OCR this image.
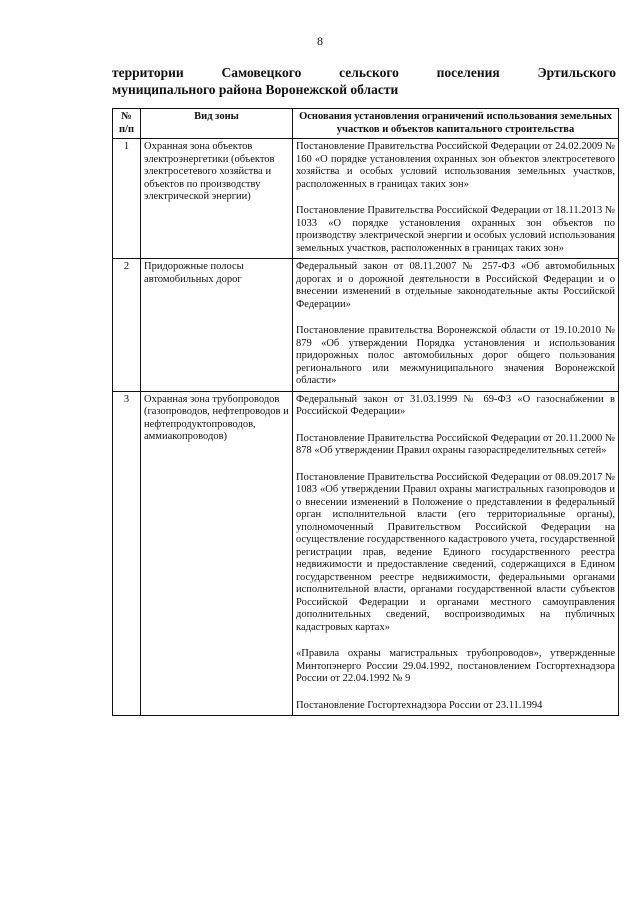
8
территории	Самовецкого	сельского	поселения	Эртильского
муниципального района Воронежской области
№ п/п	Вид зоны	Основания установления ограничений использования земельных участков и объектов капитального строительства
1	Охранная зона объектов электроэнергетики (объектов электросетевого хозяйства и объектов по производству электрической энергии)	Постановление Правительства Российской Федерации от 24.02.2009 № 160 «О порядке установления охранных зон объектов электросетевого хозяйства и особых условий использования земельных участков, расположенных в границах таких зон»

Постановление Правительства Российской Федерации от 18.11.2013 № 1033 «О порядке установления охранных зон объектов по производству электрической энергии и особых условий использования земельных участков, расположенных в границах таких зон»

2	Придорожные полосы автомобильных дорог	Федеральный закон от 08.11.2007 № 257-ФЗ «Об автомобильных дорогах и о дорожной деятельности в Российской Федерации и о внесении изменений в отдельные законодательные акты Российской Федерации»

Постановление правительства Воронежской области от 19.10.2010 № 879 «Об утверждении Порядка установления и использования придорожных полос автомобильных дорог общего пользования регионального или межмуниципального значения Воронежской области»

3	Охранная зона трубопроводов (газопроводов, нефтепроводов и нефтепродуктопроводов, аммиакопроводов)	Федеральный закон от 31.03.1999 № 69-ФЗ «О газоснабжении в Российской Федерации»

Постановление Правительства Российской Федерации от 20.11.2000 № 878 «Об утверждении Правил охраны газораспределительных сетей»

Постановление Правительства Российской Федерации от 08.09.2017 № 1083 «Об утверждении Правил охраны магистральных газопроводов и о внесении изменений в Положение о представлении в федеральный орган исполнительной власти (его территориальные органы), уполномоченный Правительством Российской Федерации на осуществление государственного кадастрового учета, государственной регистрации прав, ведение Единого государственного реестра недвижимости и предоставление сведений, содержащихся в Едином государственном реестре недвижимости, федеральными органами исполнительной власти, органами государственной власти субъектов Российской Федерации и органами местного самоуправления дополнительных сведений, воспроизводимых на публичных кадастровых картах»

«Правила охраны магистральных трубопроводов», утвержденные Минтопэнерго России 29.04.1992, постановлением Госгортехнадзора России от 22.04.1992 № 9

Постановление Госгортехнадзора России от 23.11.1994
